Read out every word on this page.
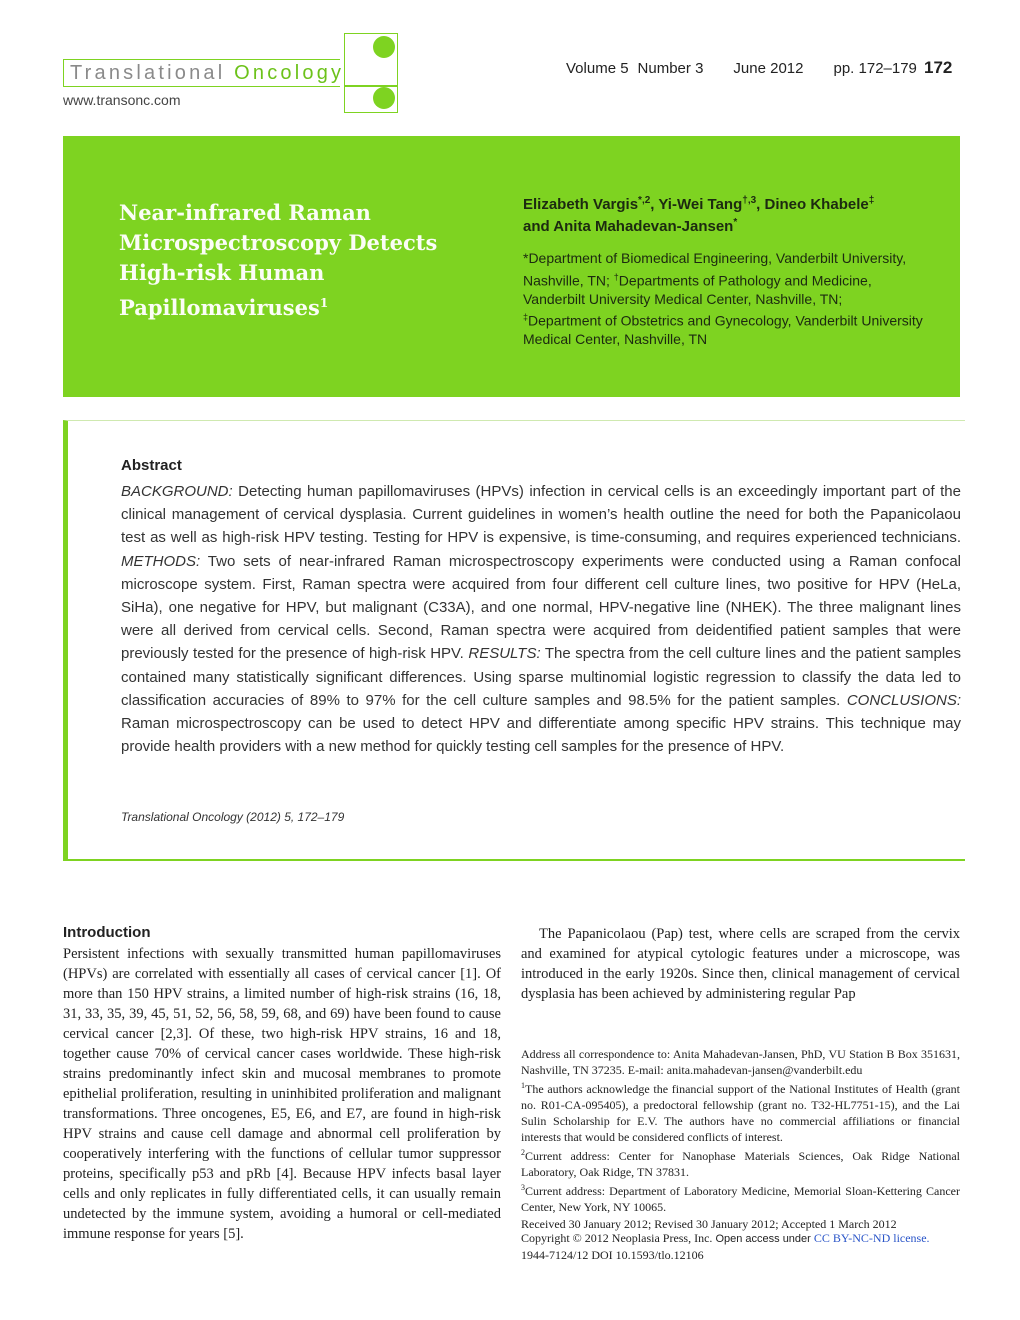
Translational Oncology
www.transonc.com
Volume 5 Number 3 June 2012 pp. 172–179 172
Near-infrared Raman Microspectroscopy Detects High-risk Human Papillomaviruses$^1$
Elizabeth Vargis$^{*,2}$, Yi-Wei Tang$^{\dagger,3}$, Dineo Khabele‡
and Anita Mahadevan-Jansen*
*Department of Biomedical Engineering, Vanderbilt University, Nashville, TN; †Departments of Pathology and Medicine, Vanderbilt University Medical Center, Nashville, TN; ‡Department of Obstetrics and Gynecology, Vanderbilt University Medical Center, Nashville, TN
Abstract
BACKGROUND: Detecting human papillomaviruses (HPVs) infection in cervical cells is an exceedingly important part of the clinical management of cervical dysplasia. Current guidelines in women’s health outline the need for both the Papanicolaou test as well as high-risk HPV testing. Testing for HPV is expensive, is time-consuming, and requires experienced technicians. METHODS: Two sets of near-infrared Raman microspectroscopy experiments were conducted using a Raman confocal microscope system. First, Raman spectra were acquired from four different cell culture lines, two positive for HPV (HeLa, SiHa), one negative for HPV, but malignant (C33A), and one normal, HPV-negative line (NHEK). The three malignant lines were all derived from cervical cells. Second, Raman spectra were acquired from deidentified patient samples that were previously tested for the presence of high-risk HPV. RESULTS: The spectra from the cell culture lines and the patient samples contained many statistically significant differences. Using sparse multinomial logistic regression to classify the data led to classification accuracies of 89% to 97% for the cell culture samples and 98.5% for the patient samples. CONCLUSIONS: Raman microspectroscopy can be used to detect HPV and differentiate among specific HPV strains. This technique may provide health providers with a new method for quickly testing cell samples for the presence of HPV.
Translational Oncology (2012) 5, 172–179
Introduction
Persistent infections with sexually transmitted human papillomaviruses (HPVs) are correlated with essentially all cases of cervical cancer [1]. Of more than 150 HPV strains, a limited number of high-risk strains (16, 18, 31, 33, 35, 39, 45, 51, 52, 56, 58, 59, 68, and 69) have been found to cause cervical cancer [2,3]. Of these, two high-risk HPV strains, 16 and 18, together cause 70% of cervical cancer cases worldwide. These high-risk strains predominantly infect skin and mucosal membranes to promote epithelial proliferation, resulting in uninhibited proliferation and malignant transformations. Three oncogenes, E5, E6, and E7, are found in high-risk HPV strains and cause cell damage and abnormal cell proliferation by cooperatively interfering with the functions of cellular tumor suppressor proteins, specifically p53 and pRb [4]. Because HPV infects basal layer cells and only replicates in fully differentiated cells, it can usually remain undetected by the immune system, avoiding a humoral or cell-mediated immune response for years [5].
The Papanicolaou (Pap) test, where cells are scraped from the cervix and examined for atypical cytologic features under a microscope, was introduced in the early 1920s. Since then, clinical management of cervical dysplasia has been achieved by administering regular Pap

Address all correspondence to: Anita Mahadevan-Jansen, PhD, VU Station B Box 351631, Nashville, TN 37235. E-mail: anita.mahadevan-jansen@vanderbilt.edu

$^1$The authors acknowledge the financial support of the National Institutes of Health (grant no. R01-CA-095405), a predoctoral fellowship (grant no. T32-HL7751-15), and the Lai Sulin Scholarship for E.V. The authors have no commercial affiliations or financial interests that would be considered conflicts of interest.

$^2$Current address: Center for Nanophase Materials Sciences, Oak Ridge National Laboratory, Oak Ridge, TN 37831.

$^3$Current address: Department of Laboratory Medicine, Memorial Sloan-Kettering Cancer Center, New York, NY 10065.

Received 30 January 2012; Revised 30 January 2012; Accepted 1 March 2012

Copyright © 2012 Neoplasia Press, Inc. Open access under CC BY-NC-ND license.
1944-7124/12 DOI 10.1593/tlo.12106
